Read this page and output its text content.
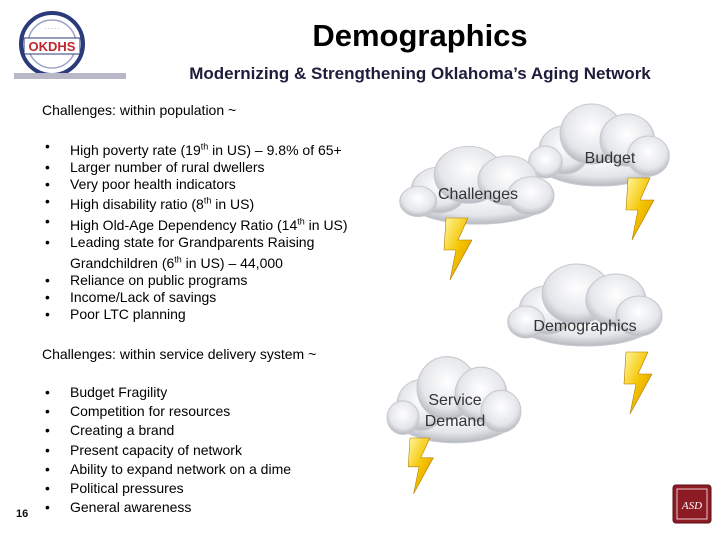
OKDHS
· · · · ·	Demographics
Modernizing & Strengthening Oklahoma’s Aging Network
Challenges: within population ~
• High poverty rate (19th in US) – 9.8% of 65+
• Larger number of rural dwellers
• Very poor health indicators
• High disability ratio (8th in US)
• High Old-Age Dependency Ratio (14th in US)
• Leading state for Grandparents Raising
Grandchildren (6th in US) – 44,000
• Reliance on public programs
• Income/Lack of savings
• Poor LTC planning
Challenges: within service delivery system ~
• Budget Fragility
• Competition for resources
• Creating a brand
• Present capacity of network
• Ability to expand network on a dime
• Political pressures
• General awareness
Budget
Challenges
Demographics
Service
Demand
16
ASD
